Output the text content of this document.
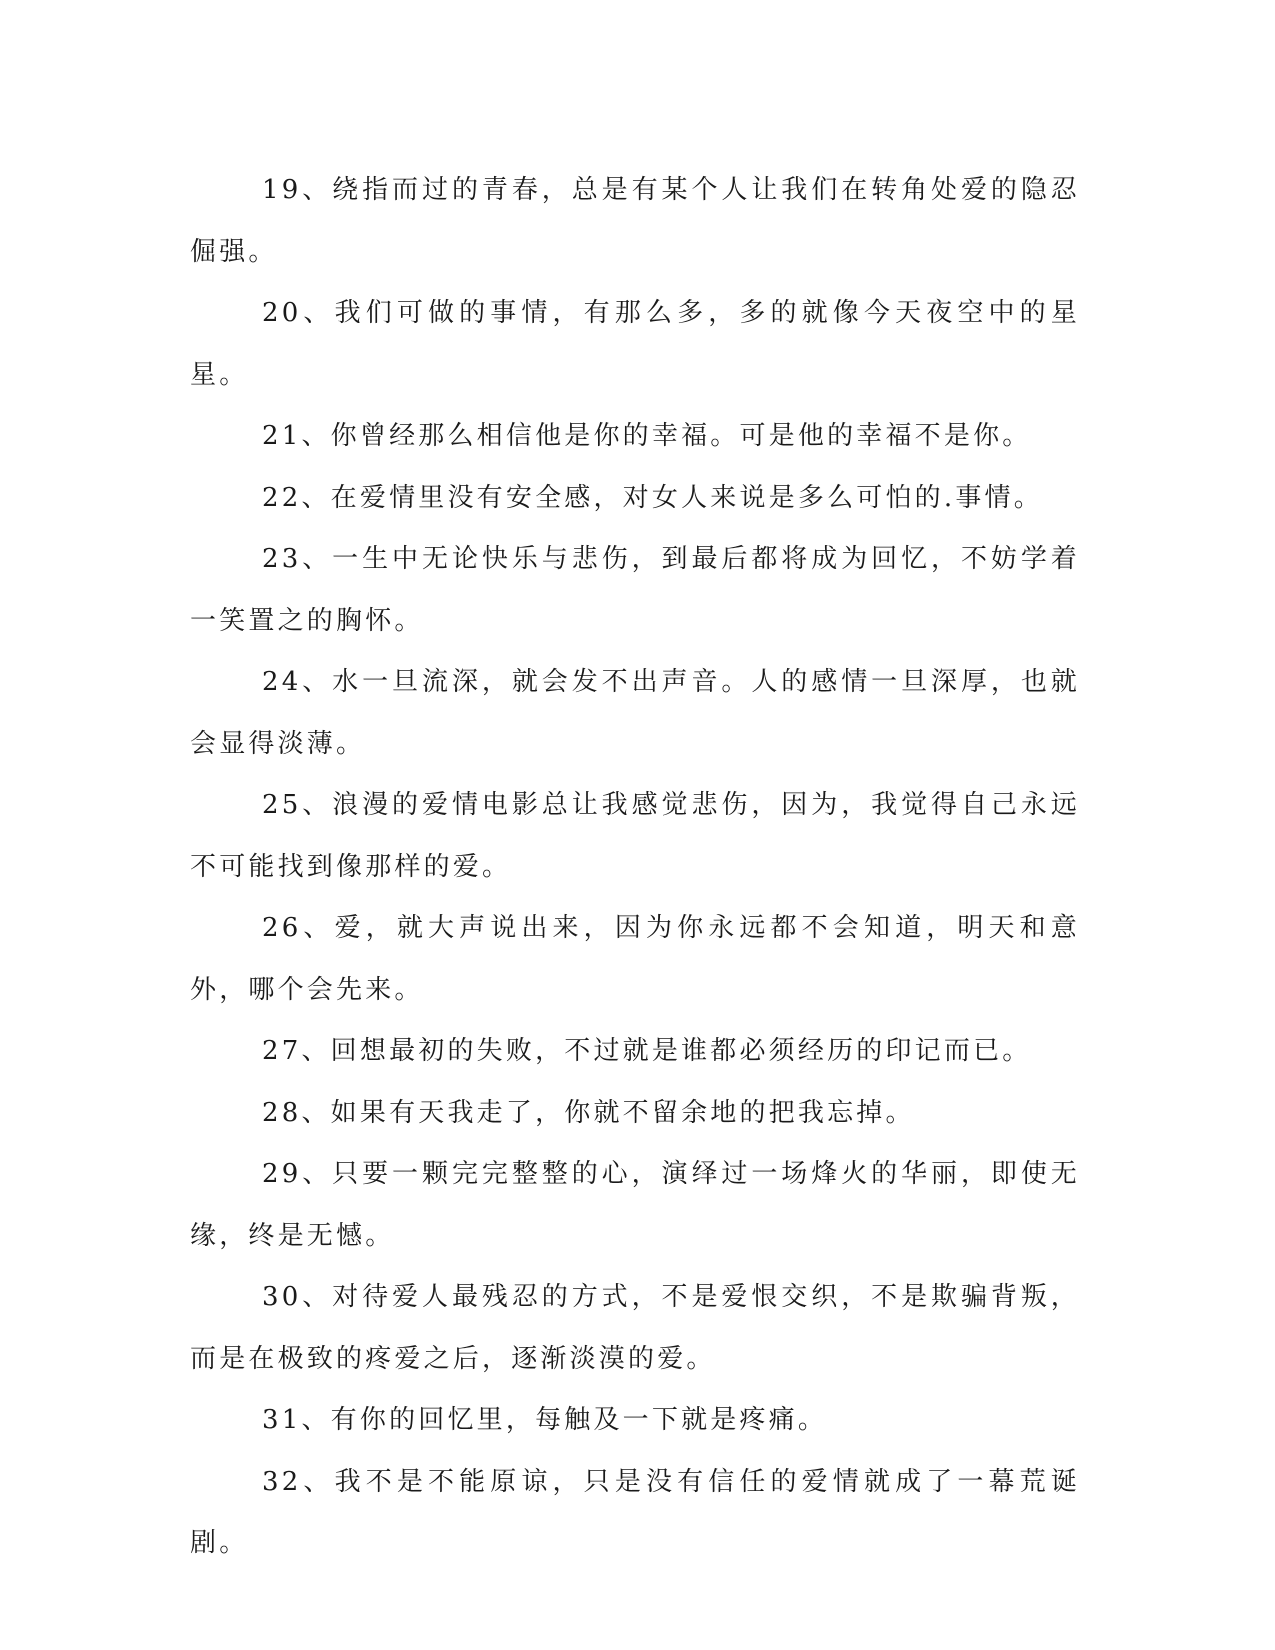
19、绕指而过的青春，总是有某个人让我们在转角处爱的隐忍倔强。

20、我们可做的事情，有那么多，多的就像今天夜空中的星星。

21、你曾经那么相信他是你的幸福。可是他的幸福不是你。

22、在爱情里没有安全感，对女人来说是多么可怕的.事情。

23、一生中无论快乐与悲伤，到最后都将成为回忆，不妨学着一笑置之的胸怀。

24、水一旦流深，就会发不出声音。人的感情一旦深厚，也就会显得淡薄。

25、浪漫的爱情电影总让我感觉悲伤，因为，我觉得自己永远不可能找到像那样的爱。

26、爱，就大声说出来，因为你永远都不会知道，明天和意外，哪个会先来。

27、回想最初的失败，不过就是谁都必须经历的印记而已。

28、如果有天我走了，你就不留余地的把我忘掉。

29、只要一颗完完整整的心，演绎过一场烽火的华丽，即使无缘，终是无憾。

30、对待爱人最残忍的方式，不是爱恨交织，不是欺骗背叛，而是在极致的疼爱之后，逐渐淡漠的爱。

31、有你的回忆里，每触及一下就是疼痛。

32、我不是不能原谅，只是没有信任的爱情就成了一幕荒诞剧。
